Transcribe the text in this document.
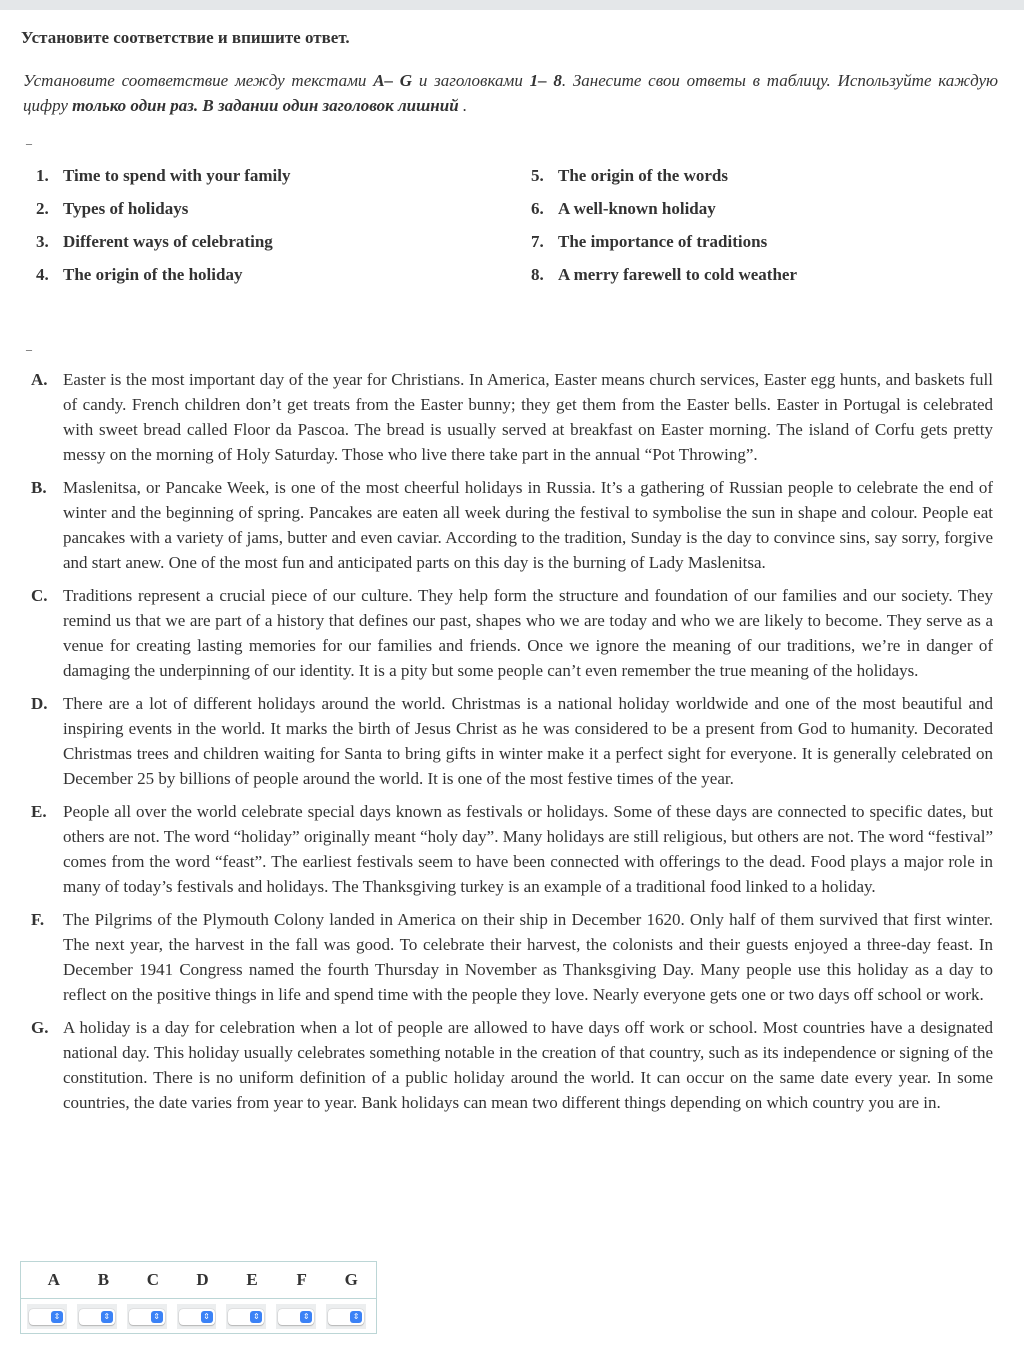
Установите соответствие и впишите ответ.
Установите соответствие между текстами A– G и заголовками 1– 8. Занесите свои ответы в таблицу. Используйте каждую цифру только один раз. В задании один заголовок лишний .
–
1. Time to spend with your family
2. Types of holidays
3. Different ways of celebrating
4. The origin of the holiday
5. The origin of the words
6. A well-known holiday
7. The importance of traditions
8. A merry farewell to cold weather
–
A. Easter is the most important day of the year for Christians. In America, Easter means church services, Easter egg hunts, and baskets full of candy. French children don’t get treats from the Easter bunny; they get them from the Easter bells. Easter in Portugal is celebrated with sweet bread called Floor da Pascoa. The bread is usually served at breakfast on Easter morning. The island of Corfu gets pretty messy on the morning of Holy Saturday. Those who live there take part in the annual “Pot Throwing”.
B. Maslenitsa, or Pancake Week, is one of the most cheerful holidays in Russia. It’s a gathering of Russian people to celebrate the end of winter and the beginning of spring. Pancakes are eaten all week during the festival to symbolise the sun in shape and colour. People eat pancakes with a variety of jams, butter and even caviar. According to the tradition, Sunday is the day to convince sins, say sorry, forgive and start anew. One of the most fun and anticipated parts on this day is the burning of Lady Maslenitsa.
C. Traditions represent a crucial piece of our culture. They help form the structure and foundation of our families and our society. They remind us that we are part of a history that defines our past, shapes who we are today and who we are likely to become. They serve as a venue for creating lasting memories for our families and friends. Once we ignore the meaning of our traditions, we’re in danger of damaging the underpinning of our identity. It is a pity but some people can’t even remember the true meaning of the holidays.
D. There are a lot of different holidays around the world. Christmas is a national holiday worldwide and one of the most beautiful and inspiring events in the world. It marks the birth of Jesus Christ as he was considered to be a present from God to humanity. Decorated Christmas trees and children waiting for Santa to bring gifts in winter make it a perfect sight for everyone. It is generally celebrated on December 25 by billions of people around the world. It is one of the most festive times of the year.
E. People all over the world celebrate special days known as festivals or holidays. Some of these days are connected to specific dates, but others are not. The word “holiday” originally meant “holy day”. Many holidays are still religious, but others are not. The word “festival” comes from the word “feast”. The earliest festivals seem to have been connected with offerings to the dead. Food plays a major role in many of today’s festivals and holidays. The Thanksgiving turkey is an example of a traditional food linked to a holiday.
F.	The Pilgrims of the Plymouth Colony landed in America on their ship in December 1620. Only half of them survived that first winter. The next year, the harvest in the fall was good. To celebrate their harvest, the colonists and their guests enjoyed a three-day feast. In December 1941 Congress named the fourth Thursday in November as Thanksgiving Day. Many people use this holiday as a day to reflect on the positive things in life and spend time with the people they love. Nearly everyone gets one or two days off school or work.
G. A holiday is a day for celebration when a lot of people are allowed to have days off work or school. Most countries have a designated national day. This holiday usually celebrates something notable in the creation of that country, such as its independence or signing of the constitution. There is no uniform definition of a public holiday around the world. It can occur on the same date every year. In some countries, the date varies from year to year. Bank holidays can mean two different things depending on which country you are in.
A	B	C	D	E	F	G
⇕	⇕	⇕	⇕	⇕	⇕	⇕
